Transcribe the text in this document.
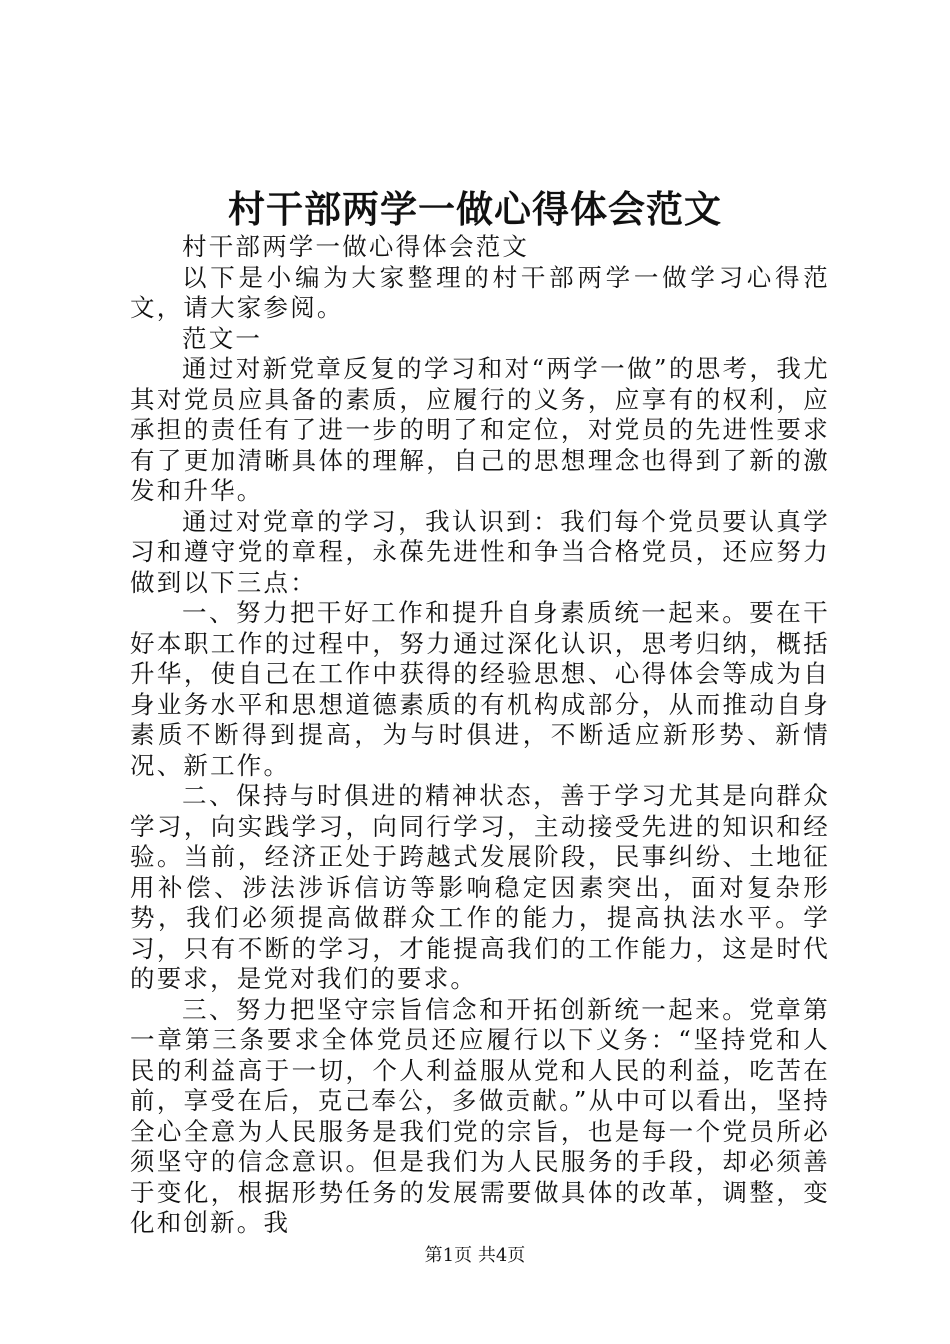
村干部两学一做心得体会范文

村干部两学一做心得体会范文

以下是小编为大家整理的村干部两学一做学习心得范文，请大家参阅。

范文一

通过对新党章反复的学习和对“两学一做”的思考，我尤其对党员应具备的素质，应履行的义务，应享有的权利，应承担的责任有了进一步的明了和定位，对党员的先进性要求有了更加清晰具体的理解，自己的思想理念也得到了新的激发和升华。

通过对党章的学习，我认识到：我们每个党员要认真学习和遵守党的章程，永葆先进性和争当合格党员，还应努力做到以下三点：

一、努力把干好工作和提升自身素质统一起来。要在干好本职工作的过程中，努力通过深化认识，思考归纳，概括升华，使自己在工作中获得的经验思想、心得体会等成为自身业务水平和思想道德素质的有机构成部分，从而推动自身素质不断得到提高，为与时俱进，不断适应新形势、新情况、新工作。

二、保持与时俱进的精神状态，善于学习尤其是向群众学习，向实践学习，向同行学习，主动接受先进的知识和经验。当前，经济正处于跨越式发展阶段，民事纠纷、土地征用补偿、涉法涉诉信访等影响稳定因素突出，面对复杂形势，我们必须提高做群众工作的能力，提高执法水平。学习，只有不断的学习，才能提高我们的工作能力，这是时代的要求，是党对我们的要求。

三、努力把坚守宗旨信念和开拓创新统一起来。党章第一章第三条要求全体党员还应履行以下义务：“坚持党和人民的利益高于一切，个人利益服从党和人民的利益，吃苦在前，享受在后，克己奉公，多做贡献。”从中可以看出，坚持全心全意为人民服务是我们党的宗旨，也是每一个党员所必须坚守的信念意识。但是我们为人民服务的手段，却必须善于变化，根据形势任务的发展需要做具体的改革，调整，变化和创新。我

第1页 共4页
